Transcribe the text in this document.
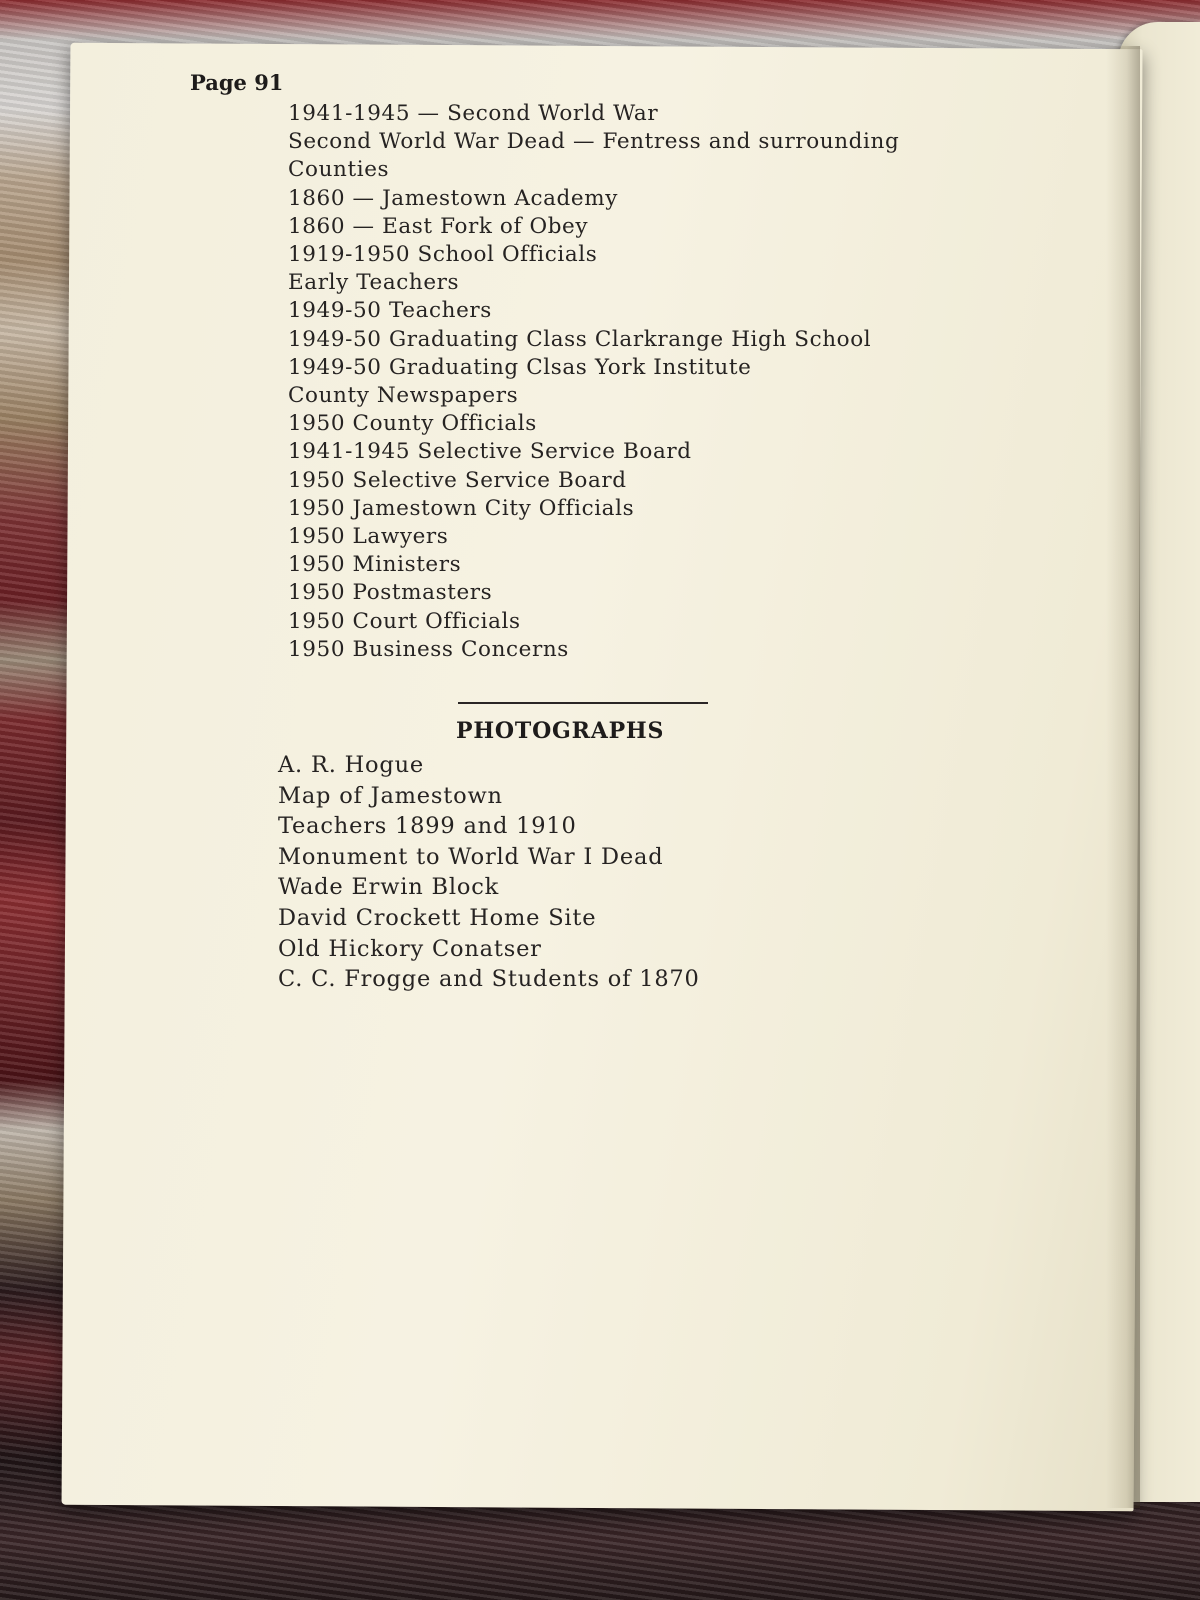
Page 91
1941-1945 — Second World War
Second World War Dead — Fentress and surrounding
Counties
1860 — Jamestown Academy
1860 — East Fork of Obey
1919-1950 School Officials
Early Teachers
1949-50 Teachers
1949-50 Graduating Class Clarkrange High School
1949-50 Graduating Clsas York Institute
County Newspapers
1950 County Officials
1941-1945 Selective Service Board
1950 Selective Service Board
1950 Jamestown City Officials
1950 Lawyers
1950 Ministers
1950 Postmasters
1950 Court Officials
1950 Business Concerns
PHOTOGRAPHS
A. R. Hogue
Map of Jamestown
Teachers 1899 and 1910
Monument to World War I Dead
Wade Erwin Block
David Crockett Home Site
Old Hickory Conatser
C. C. Frogge and Students of 1870
